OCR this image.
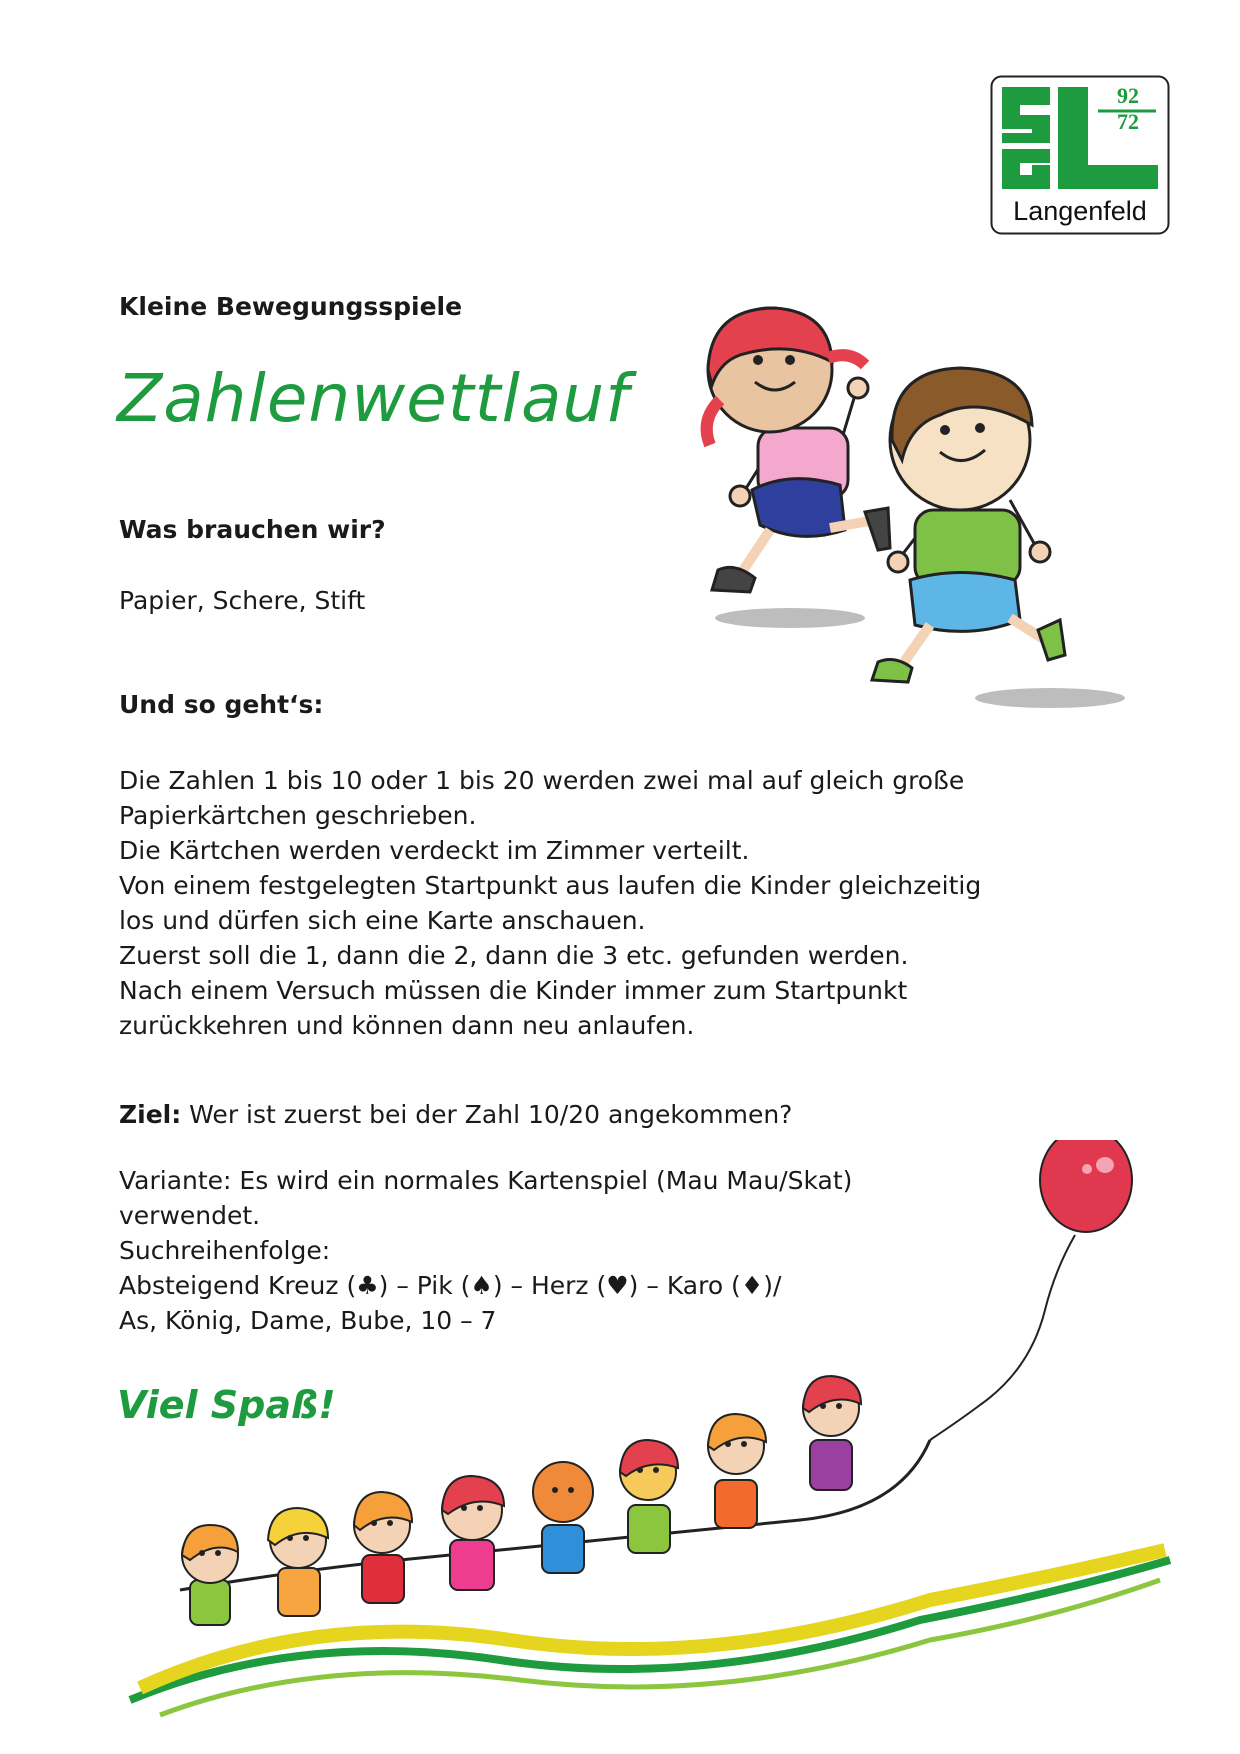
92
72
Langenfeld
Kleine Bewegungsspiele
Zahlenwettlauf
Was brauchen wir?
Papier, Schere, Stift
Und so geht‘s:

Die Zahlen 1 bis 10 oder 1 bis 20 werden zwei mal auf gleich große

Papierkärtchen geschrieben.

Die Kärtchen werden verdeckt im Zimmer verteilt.

Von einem festgelegten Startpunkt aus laufen die Kinder gleichzeitig

los und dürfen sich eine Karte anschauen.

Zuerst soll die 1, dann die 2, dann die 3 etc. gefunden werden.

Nach einem Versuch müssen die Kinder immer zum Startpunkt

zurückkehren und können dann neu anlaufen.

Ziel: Wer ist zuerst bei der Zahl 10/20 angekommen?

Variante: Es wird ein normales Kartenspiel (Mau Mau/Skat)

verwendet.

Suchreihenfolge:

Absteigend Kreuz (♣) – Pik (♠) – Herz (♥) – Karo (♦)/

As, König, Dame, Bube, 10 – 7

Viel Spaß!
